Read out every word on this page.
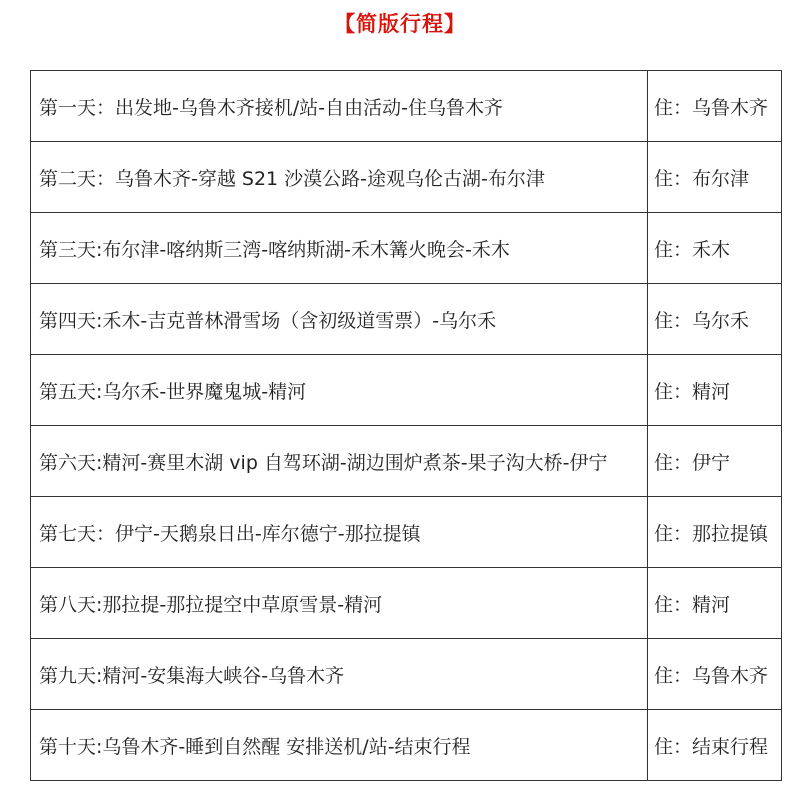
【简版行程】
第一天：出发地-乌鲁木齐接机/站-自由活动-住乌鲁木齐	住：乌鲁木齐
第二天：乌鲁木齐-穿越 S21 沙漠公路-途观乌伦古湖-布尔津	住：布尔津
第三天:布尔津-喀纳斯三湾-喀纳斯湖-禾木篝火晚会-禾木	住：禾木
第四天:禾木-吉克普林滑雪场（含初级道雪票）-乌尔禾	住：乌尔禾
第五天:乌尔禾-世界魔鬼城-精河	住：精河
第六天:精河-赛里木湖 vip 自驾环湖-湖边围炉煮茶-果子沟大桥-伊宁	住：伊宁
第七天：伊宁-天鹅泉日出-库尔德宁-那拉提镇	住：那拉提镇
第八天:那拉提-那拉提空中草原雪景-精河	住：精河
第九天:精河-安集海大峡谷-乌鲁木齐	住：乌鲁木齐
第十天:乌鲁木齐-睡到自然醒 安排送机/站-结束行程	住：结束行程
